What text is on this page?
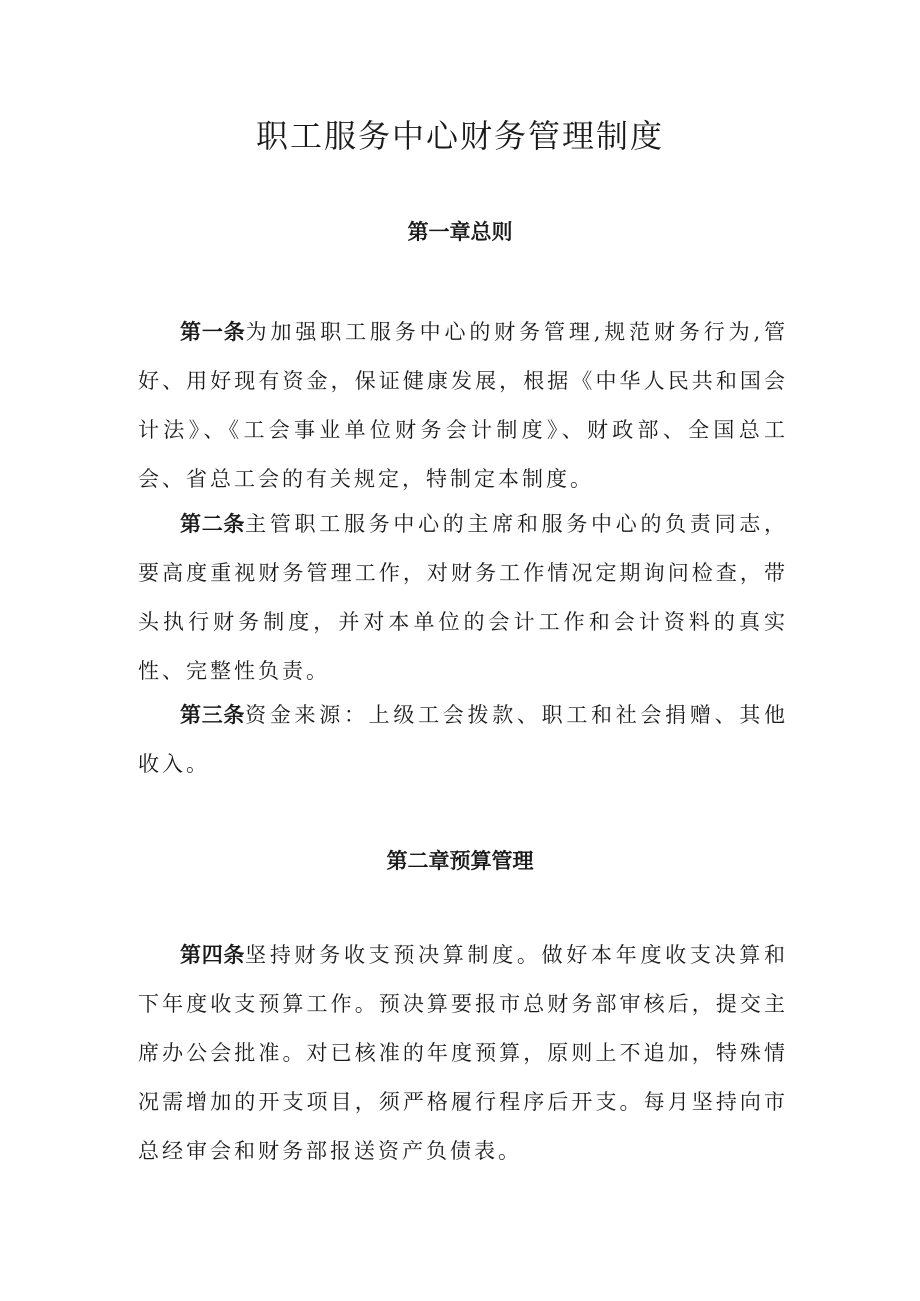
职工服务中心财务管理制度
第一章总则

第一条为加强职工服务中心的财务管理,规范财务行为,管好、用好现有资金，保证健康发展，根据《中华人民共和国会计法》、《工会事业单位财务会计制度》、财政部、全国总工会、省总工会的有关规定，特制定本制度。

第二条主管职工服务中心的主席和服务中心的负责同志，要高度重视财务管理工作，对财务工作情况定期询问检查，带头执行财务制度，并对本单位的会计工作和会计资料的真实性、完整性负责。

第三条资金来源：上级工会拨款、职工和社会捐赠、其他收入。

第二章预算管理

第四条坚持财务收支预决算制度。做好本年度收支决算和下年度收支预算工作。预决算要报市总财务部审核后，提交主席办公会批准。对已核准的年度预算，原则上不追加，特殊情况需增加的开支项目，须严格履行程序后开支。每月坚持向市总经审会和财务部报送资产负债表。
